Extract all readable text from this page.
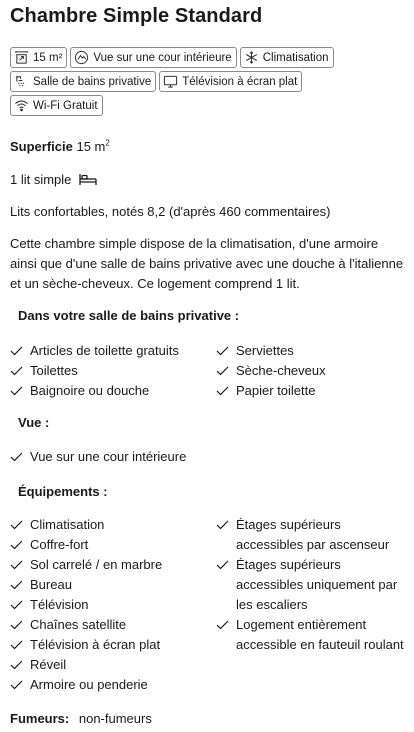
Chambre Simple Standard
15 m²	Vue sur une cour intérieure	Climatisation
Salle de bains privative	Télévision à écran plat
Wi-Fi Gratuit
Superficie 15 $m^2$
1 lit simple
Lits confortables, notés 8,2 (d'après 460 commentaires)
Cette chambre simple dispose de la climatisation, d'une armoire ainsi que d'une salle de bains privative avec une douche à l'italienne et un sèche-cheveux. Ce logement comprend 1 lit.
Dans votre salle de bains privative :
Articles de toilette gratuits
Toilettes
Baignoire ou douche
Serviettes
Sèche-cheveux
Papier toilette
Vue :
Vue sur une cour intérieure
Équipements :
Climatisation
Coffre-fort
Sol carrelé / en marbre
Bureau
Télévision
Chaînes satellite
Télévision à écran plat
Réveil
Armoire ou penderie
Étages supérieurs accessibles par ascenseur
Étages supérieurs accessibles uniquement par les escaliers
Logement entièrement accessible en fauteuil roulant
Fumeurs: non-fumeurs
